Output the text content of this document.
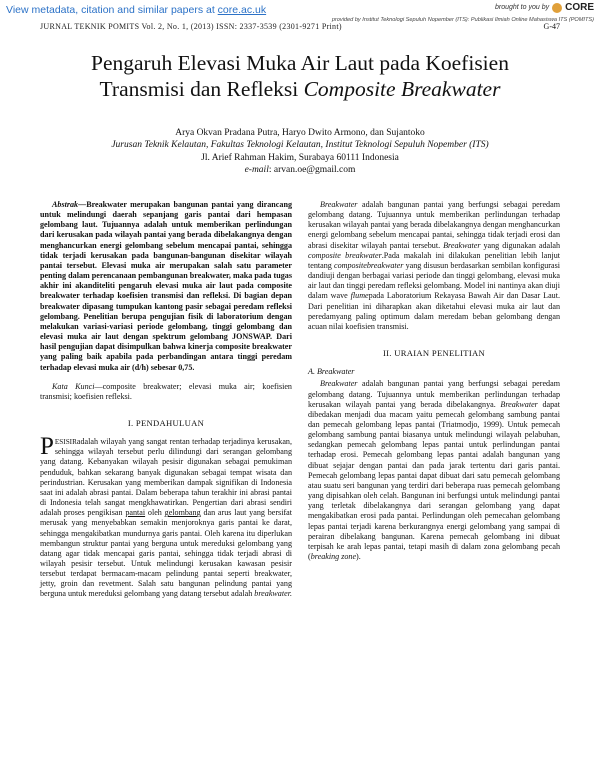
View metadata, citation and similar papers at core.ac.uk	brought to you by CORE
provided by Institut Teknologi Sepuluh Nopember (ITS): Publikasi Ilmiah Online Mahasiswa ITS (POMITS)
JURNAL TEKNIK POMITS Vol. 2, No. 1, (2013) ISSN: 2337-3539 (2301-9271 Print)	G-47
Pengaruh Elevasi Muka Air Laut pada Koefisien
Transmisi dan Refleksi Composite Breakwater
Arya Okvan Pradana Putra, Haryo Dwito Armono, dan Sujantoko
Jurusan Teknik Kelautan, Fakultas Teknologi Kelautan, Institut Teknologi Sepuluh Nopember (ITS)
Jl. Arief Rahman Hakim, Surabaya 60111 Indonesia
e-mail: arvan.oe@gmail.com

Abstrak—Breakwater merupakan bangunan pantai yang dirancang untuk melindungi daerah sepanjang garis pantai dari hempasan gelombang laut. Tujuannya adalah untuk memberikan perlindungan dari kerusakan pada wilayah pantai yang berada dibelakangnya dengan menghancurkan energi gelombang sebelum mencapai pantai, sehingga tidak terjadi kerusakan pada bangunan-bangunan disekitar wilayah pantai tersebut. Elevasi muka air merupakan salah satu parameter penting dalam perencanaan pembangunan breakwater, maka pada tugas akhir ini akanditeliti pengaruh elevasi muka air laut pada composite breakwater terhadap koefisien transmisi dan refleksi. Di bagian depan breakwater dipasang tumpukan kantong pasir sebagai peredam refleksi gelombang. Penelitian berupa pengujian fisik di laboratorium dengan melakukan variasi-variasi periode gelombang, tinggi gelombang dan elevasi muka air laut dengan spektrum gelombang JONSWAP. Dari hasil pengujian dapat disimpulkan bahwa kinerja composite breakwater yang paling baik apabila pada perbandingan antara tinggi peredam terhadap elevasi muka air (d/h) sebesar 0,75.

Kata Kunci—composite breakwater; elevasi muka air; koefisien transmisi; koefisien refleksi.

I. PENDAHULUAN

PESISIRadalah wilayah yang sangat rentan terhadap terjadinya kerusakan, sehingga wilayah tersebut perlu dilindungi dari serangan gelombang yang datang. Kebanyakan wilayah pesisir digunakan sebagai pemukiman penduduk, bahkan sekarang banyak digunakan sebagai tempat wisata dan perindustrian. Kerusakan yang memberikan dampak signifikan di Indonesia saat ini adalah abrasi pantai. Dalam beberapa tahun terakhir ini abrasi pantai di Indonesia telah sangat mengkhawatirkan. Pengertian dari abrasi sendiri adalah proses pengikisan pantai oleh gelombang dan arus laut yang bersifat merusak yang menyebabkan semakin menjoroknya garis pantai ke darat, sehingga mengakibatkan mundurnya garis pantai. Oleh karena itu diperlukan membangun struktur pantai yang berguna untuk mereduksi gelombang yang datang agar tidak mencapai garis pantai, sehingga tidak terjadi abrasi di wilayah pesisir tersebut. Untuk melindungi kerusakan kawasan pesisir tersebut terdapat bermacam-macam pelindung pantai seperti breakwater, jetty, groin dan revetment. Salah satu bangunan pelindung pantai yang berguna untuk mereduksi gelombang yang datang tersebut adalah breakwater.

Breakwater adalah bangunan pantai yang berfungsi sebagai peredam gelombang datang. Tujuannya untuk memberikan perlindungan terhadap kerusakan wilayah pantai yang berada dibelakangnya dengan menghancurkan energi gelombang sebelum mencapai pantai, sehingga tidak terjadi erosi dan abrasi disekitar wilayah pantai tersebut. Breakwater yang digunakan adalah composite breakwater.Pada makalah ini dilakukan penelitian lebih lanjut tentang compositebreakwater yang disusun berdasarkan sembilan konfigurasi dandiuji dengan berbagai variasi periode dan tinggi gelombang, elevasi muka air laut dan tinggi peredam refleksi gelombang. Model ini nantinya akan diuji dalam wave flumepada Laboratorium Rekayasa Bawah Air dan Dasar Laut. Dari penelitian ini diharapkan akan diketahui elevasi muka air laut dan peredamyang paling optimum dalam meredam beban gelombang dengan acuan nilai koefisien transmisi.

II. URAIAN PENELITIAN
A. Breakwater

Breakwater adalah bangunan pantai yang berfungsi sebagai peredam gelombang datang. Tujuannya untuk memberikan perlindungan terhadap kerusakan wilayah pantai yang berada dibelakangnya. Breakwater dapat dibedakan menjadi dua macam yaitu pemecah gelombang sambung pantai dan pemecah gelombang lepas pantai (Triatmodjo, 1999). Untuk pemecah gelombang sambung pantai biasanya untuk melindungi wilayah pelabuhan, sedangkan pemecah gelombang lepas pantai untuk perlindungan pantai terhadap erosi. Pemecah gelombang lepas pantai adalah bangunan yang dibuat sejajar dengan pantai dan pada jarak tertentu dari garis pantai. Pemecah gelombang lepas pantai dapat dibuat dari satu pemecah gelombang atau suatu seri bangunan yang terdiri dari beberapa ruas pemecah gelombang yang dipisahkan oleh celah. Bangunan ini berfungsi untuk melindungi pantai yang terletak dibelakangnya dari serangan gelombang yang dapat mengakibatkan erosi pada pantai. Perlindungan oleh pemecahan gelombang lepas pantai terjadi karena berkurangnya energi gelombang yang sampai di perairan dibelakang bangunan. Karena pemecah gelombang ini dibuat terpisah ke arah lepas pantai, tetapi masih di dalam zona gelombang pecah (breaking zone).
